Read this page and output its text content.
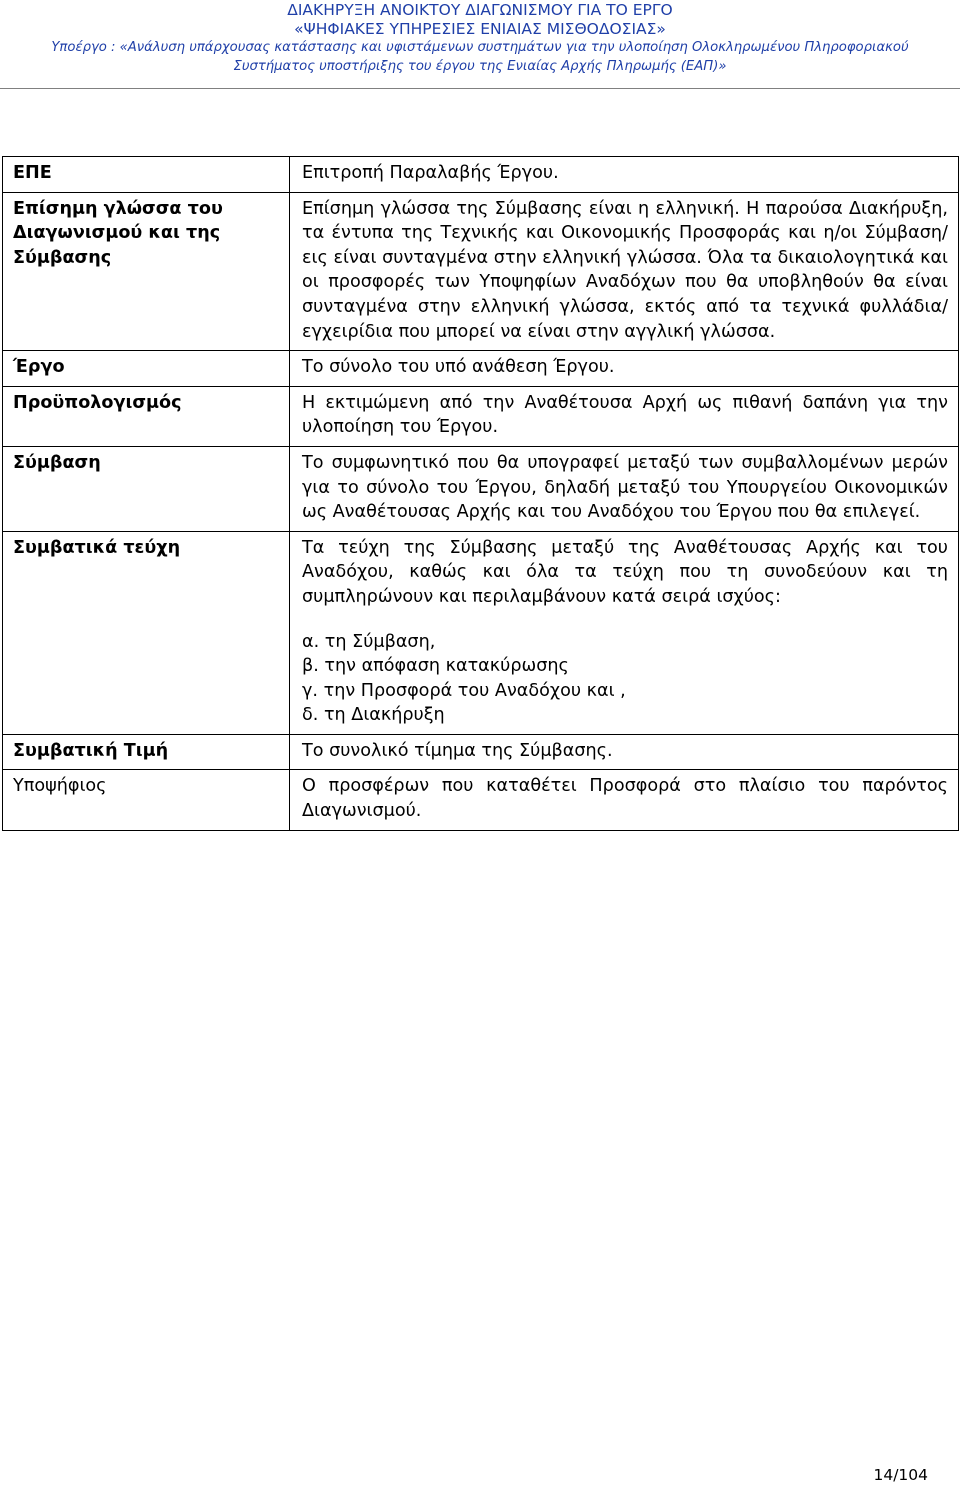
ΔΙΑΚΗΡΥΞΗ ΑΝΟΙΚΤΟΥ ΔΙΑΓΩΝΙΣΜΟΥ ΓΙΑ ΤΟ ΕΡΓΟ
«ΨΗΦΙΑΚΕΣ ΥΠΗΡΕΣΙΕΣ ΕΝΙΑΙΑΣ ΜΙΣΘΟΔΟΣΙΑΣ»
Υποέργο : «Ανάλυση υπάρχουσας κατάστασης και υφιστάμενων συστημάτων για την υλοποίηση Ολοκληρωμένου Πληροφοριακού
Συστήματος υποστήριξης του έργου της Ενιαίας Αρχής Πληρωμής (ΕΑΠ)»
ΕΠΕ	Επιτροπή Παραλαβής Έργου.
Επίσημη γλώσσα του Διαγωνισμού και της Σύμβασης	Επίσημη γλώσσα της Σύμβασης είναι η ελληνική. Η παρούσα Διακήρυξη, τα έντυπα της Τεχνικής και Οικονομικής Προσφοράς και η/οι Σύμβαση/εις είναι συνταγμένα στην ελληνική γλώσσα. Όλα τα δικαιολογητικά και οι προσφορές των Υποψηφίων Αναδόχων που θα υποβληθούν θα είναι συνταγμένα στην ελληνική γλώσσα, εκτός από τα τεχνικά φυλλάδια/ εγχειρίδια που μπορεί να είναι στην αγγλική γλώσσα.
Έργο	Το σύνολο του υπό ανάθεση Έργου.
Προϋπολογισμός	Η εκτιμώμενη από την Αναθέτουσα Αρχή ως πιθανή δαπάνη για την υλοποίηση του Έργου.
Σύμβαση	Το συμφωνητικό που θα υπογραφεί μεταξύ των συμβαλλομένων μερών για το σύνολο του Έργου, δηλαδή μεταξύ του Υπουργείου Οικονομικών ως Αναθέτουσας Αρχής και του Αναδόχου του Έργου που θα επιλεγεί.
Συμβατικά τεύχη	Τα τεύχη της Σύμβασης μεταξύ της Αναθέτουσας Αρχής και του Αναδόχου, καθώς και όλα τα τεύχη που τη συνοδεύουν και τη συμπληρώνουν και περιλαμβάνουν κατά σειρά ισχύος:
α. τη Σύμβαση,
β. την απόφαση κατακύρωσης
γ. την Προσφορά του Αναδόχου και ,
δ. τη Διακήρυξη

Συμβατική Τιμή	Το συνολικό τίμημα της Σύμβασης.
Υποψήφιος	Ο προσφέρων που καταθέτει Προσφορά στο πλαίσιο του παρόντος Διαγωνισμού.
14/104
